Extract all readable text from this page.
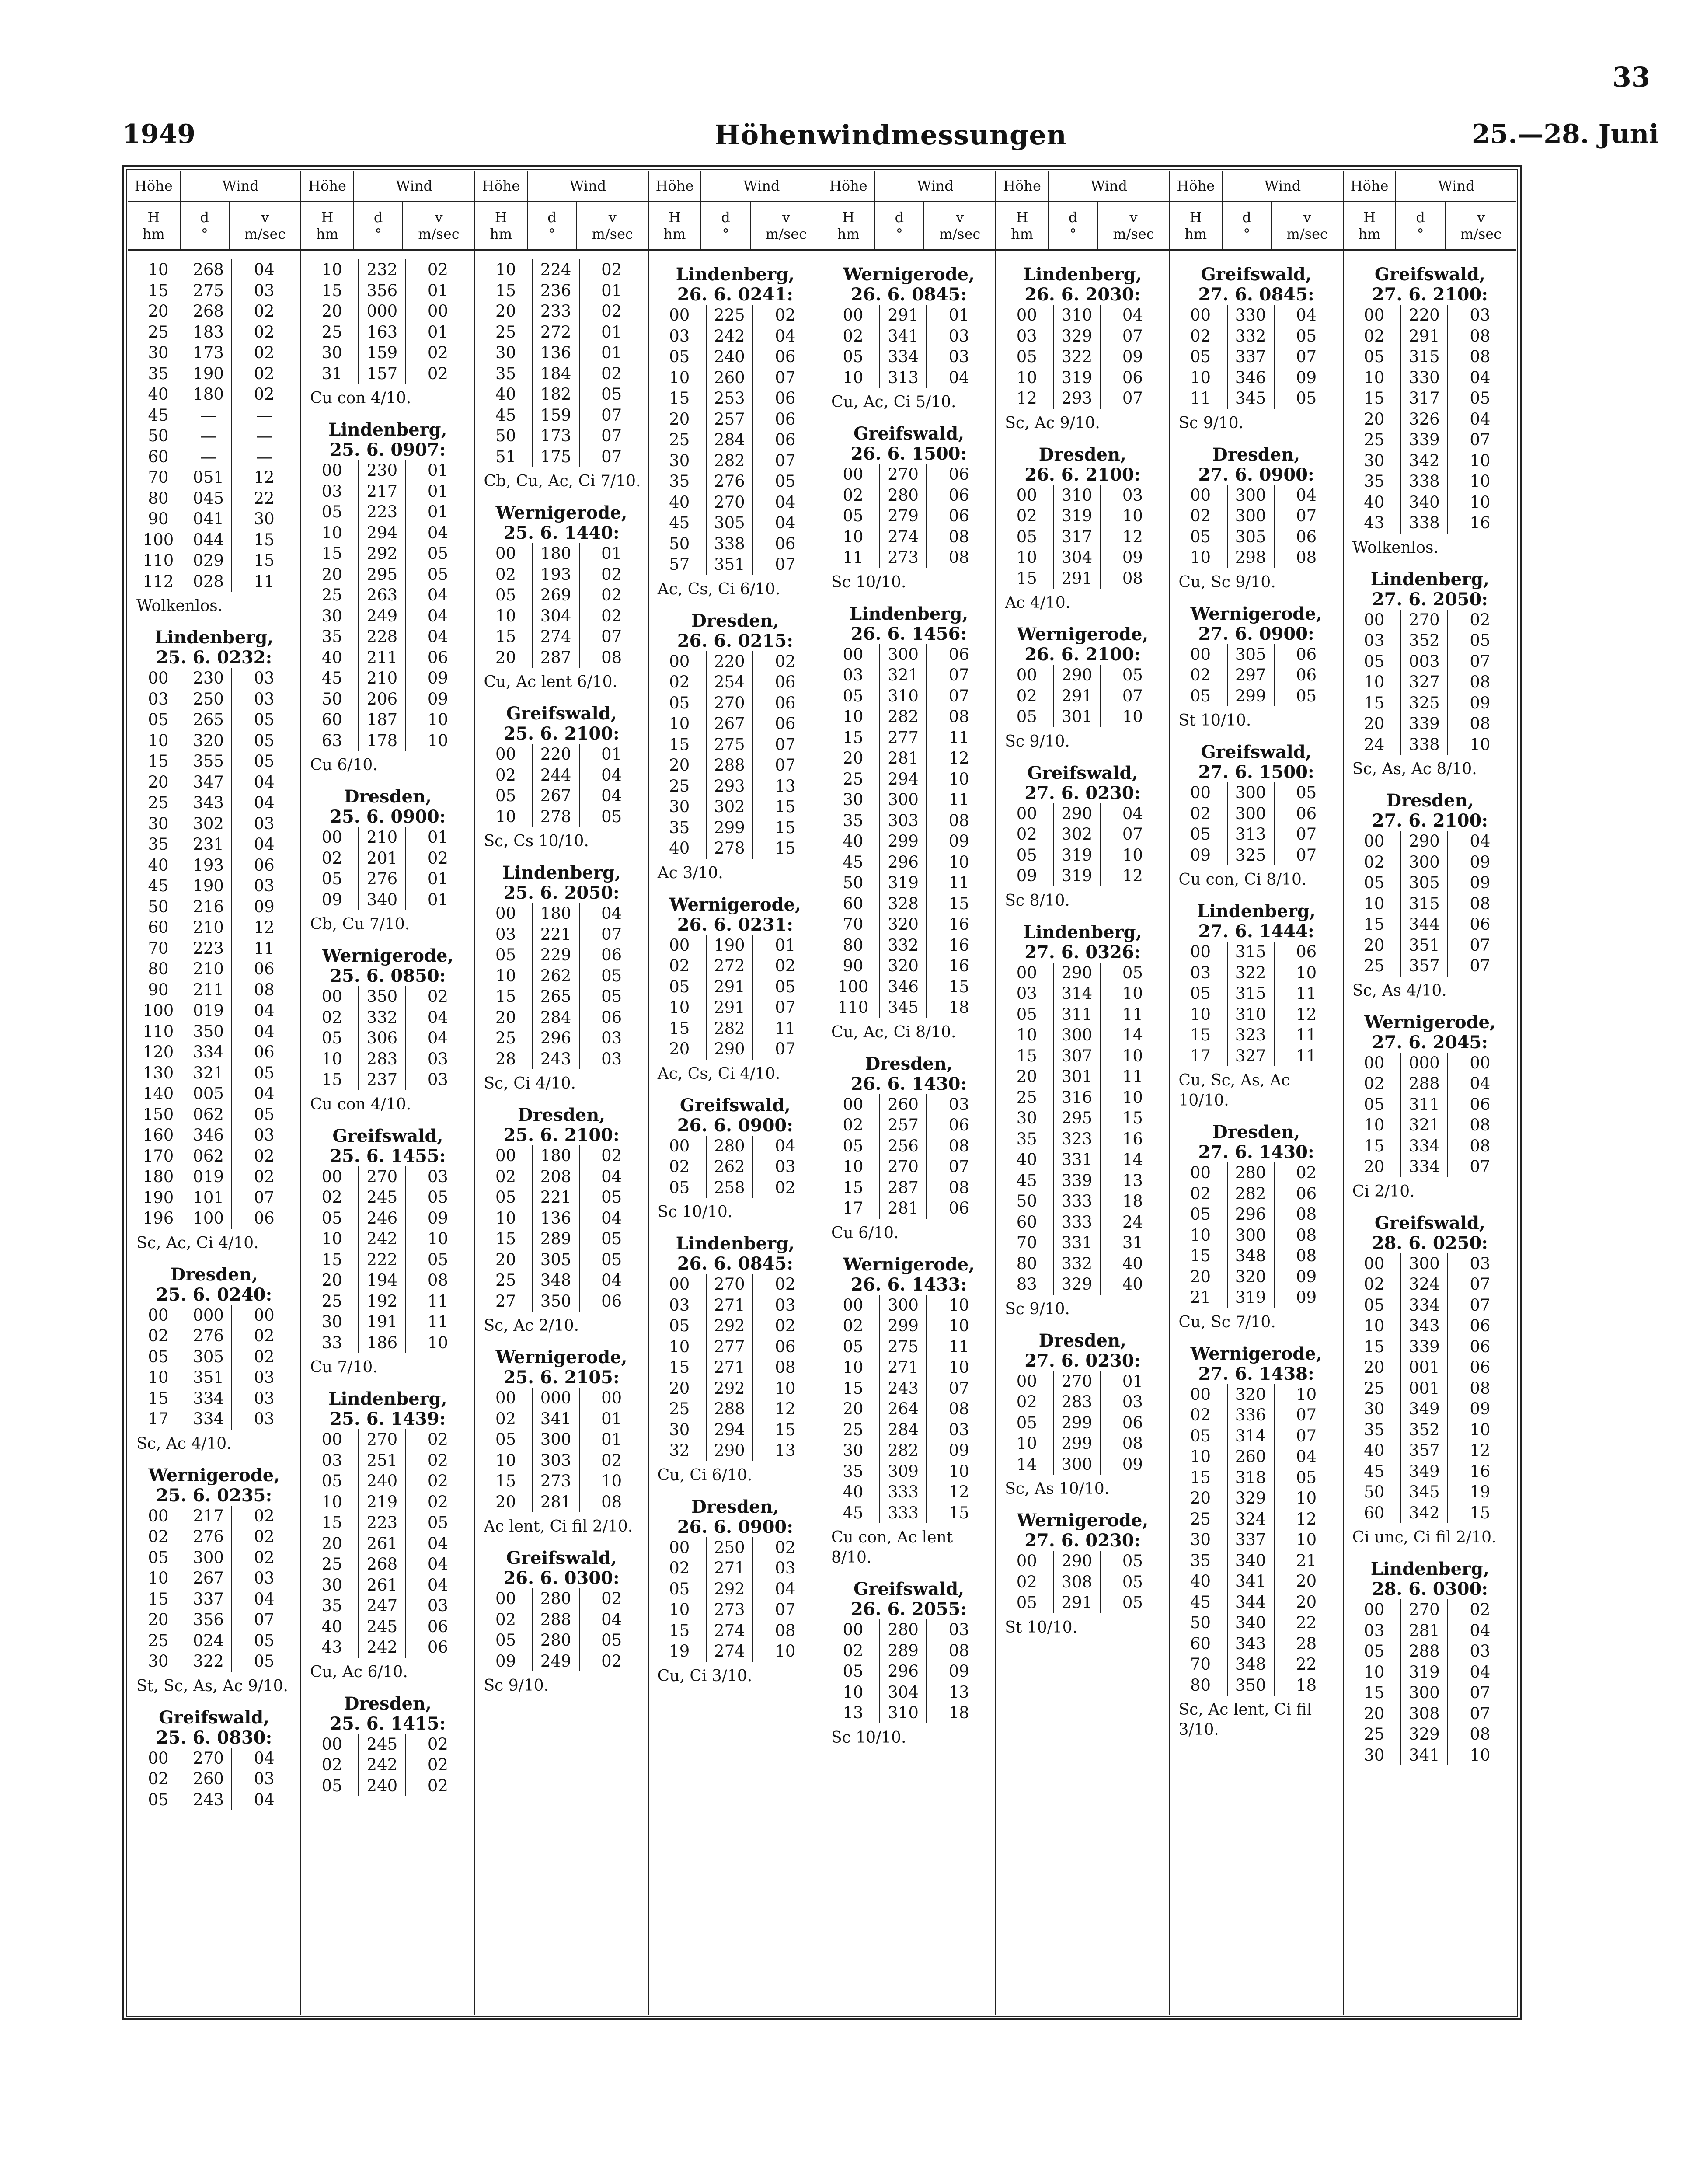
33
1949	Höhenwindmessungen	25.—28. Juni
Höhe	Wind
H
hm
d
°
v
m/sec
10	268	04
15	275	03
20	268	02
25	183	02
30	173	02
35	190	02
40	180	02
45	—	—
50	—	—
60	—	—
70	051	12
80	045	22
90	041	30
100	044	15
110	029	15
112	028	11
Wolkenlos.
Lindenberg,
25. 6. 0232:
00	230	03
03	250	03
05	265	05
10	320	05
15	355	05
20	347	04
25	343	04
30	302	03
35	231	04
40	193	06
45	190	03
50	216	09
60	210	12
70	223	11
80	210	06
90	211	08
100	019	04
110	350	04
120	334	06
130	321	05
140	005	04
150	062	05
160	346	03
170	062	02
180	019	02
190	101	07
196	100	06
Sc, Ac, Ci 4/10.
Dresden,
25. 6. 0240:
00	000	00
02	276	02
05	305	02
10	351	03
15	334	03
17	334	03
Sc, Ac 4/10.
Wernigerode,
25. 6. 0235:
00	217	02
02	276	02
05	300	02
10	267	03
15	337	04
20	356	07
25	024	05
30	322	05
St, Sc, As, Ac 9/10.
Greifswald,
25. 6. 0830:
00	270	04
02	260	03
05	243	04
Höhe	Wind
H
hm
d
°
v
m/sec
10	232	02
15	356	01
20	000	00
25	163	01
30	159	02
31	157	02
Cu con 4/10.
Lindenberg,
25. 6. 0907:
00	230	01
03	217	01
05	223	01
10	294	04
15	292	05
20	295	05
25	263	04
30	249	04
35	228	04
40	211	06
45	210	09
50	206	09
60	187	10
63	178	10
Cu 6/10.
Dresden,
25. 6. 0900:
00	210	01
02	201	02
05	276	01
09	340	01
Cb, Cu 7/10.
Wernigerode,
25. 6. 0850:
00	350	02
02	332	04
05	306	04
10	283	03
15	237	03
Cu con 4/10.
Greifswald,
25. 6. 1455:
00	270	03
02	245	05
05	246	09
10	242	10
15	222	05
20	194	08
25	192	11
30	191	11
33	186	10
Cu 7/10.
Lindenberg,
25. 6. 1439:
00	270	02
03	251	02
05	240	02
10	219	02
15	223	05
20	261	04
25	268	04
30	261	04
35	247	03
40	245	06
43	242	06
Cu, Ac 6/10.
Dresden,
25. 6. 1415:
00	245	02
02	242	02
05	240	02
Höhe	Wind
H
hm
d
°
v
m/sec
10	224	02
15	236	01
20	233	02
25	272	01
30	136	01
35	184	02
40	182	05
45	159	07
50	173	07
51	175	07
Cb, Cu, Ac, Ci 7/10.
Wernigerode,
25. 6. 1440:
00	180	01
02	193	02
05	269	02
10	304	02
15	274	07
20	287	08
Cu, Ac lent 6/10.
Greifswald,
25. 6. 2100:
00	220	01
02	244	04
05	267	04
10	278	05
Sc, Cs 10/10.
Lindenberg,
25. 6. 2050:
00	180	04
03	221	07
05	229	06
10	262	05
15	265	05
20	284	06
25	296	03
28	243	03
Sc, Ci 4/10.
Dresden,
25. 6. 2100:
00	180	02
02	208	04
05	221	05
10	136	04
15	289	05
20	305	05
25	348	04
27	350	06
Sc, Ac 2/10.
Wernigerode,
25. 6. 2105:
00	000	00
02	341	01
05	300	01
10	303	02
15	273	10
20	281	08
Ac lent, Ci fil 2/10.
Greifswald,
26. 6. 0300:
00	280	02
02	288	04
05	280	05
09	249	02
Sc 9/10.
Höhe	Wind
H
hm
d
°
v
m/sec
Lindenberg,
26. 6. 0241:
00	225	02
03	242	04
05	240	06
10	260	07
15	253	06
20	257	06
25	284	06
30	282	07
35	276	05
40	270	04
45	305	04
50	338	06
57	351	07
Ac, Cs, Ci 6/10.
Dresden,
26. 6. 0215:
00	220	02
02	254	06
05	270	06
10	267	06
15	275	07
20	288	07
25	293	13
30	302	15
35	299	15
40	278	15
Ac 3/10.
Wernigerode,
26. 6. 0231:
00	190	01
02	272	02
05	291	05
10	291	07
15	282	11
20	290	07
Ac, Cs, Ci 4/10.
Greifswald,
26. 6. 0900:
00	280	04
02	262	03
05	258	02
Sc 10/10.
Lindenberg,
26. 6. 0845:
00	270	02
03	271	03
05	292	02
10	277	06
15	271	08
20	292	10
25	288	12
30	294	15
32	290	13
Cu, Ci 6/10.
Dresden,
26. 6. 0900:
00	250	02
02	271	03
05	292	04
10	273	07
15	274	08
19	274	10
Cu, Ci 3/10.
Höhe	Wind
H
hm
d
°
v
m/sec
Wernigerode,
26. 6. 0845:
00	291	01
02	341	03
05	334	03
10	313	04
Cu, Ac, Ci 5/10.
Greifswald,
26. 6. 1500:
00	270	06
02	280	06
05	279	06
10	274	08
11	273	08
Sc 10/10.
Lindenberg,
26. 6. 1456:
00	300	06
03	321	07
05	310	07
10	282	08
15	277	11
20	281	12
25	294	10
30	300	11
35	303	08
40	299	09
45	296	10
50	319	11
60	328	15
70	320	16
80	332	16
90	320	16
100	346	15
110	345	18
Cu, Ac, Ci 8/10.
Dresden,
26. 6. 1430:
00	260	03
02	257	06
05	256	08
10	270	07
15	287	08
17	281	06
Cu 6/10.
Wernigerode,
26. 6. 1433:
00	300	10
02	299	10
05	275	11
10	271	10
15	243	07
20	264	08
25	284	03
30	282	09
35	309	10
40	333	12
45	333	15
Cu con, Ac lent 8/10.
Greifswald,
26. 6. 2055:
00	280	03
02	289	08
05	296	09
10	304	13
13	310	18
Sc 10/10.
Höhe	Wind
H
hm
d
°
v
m/sec
Lindenberg,
26. 6. 2030:
00	310	04
03	329	07
05	322	09
10	319	06
12	293	07
Sc, Ac 9/10.
Dresden,
26. 6. 2100:
00	310	03
02	319	10
05	317	12
10	304	09
15	291	08
Ac 4/10.
Wernigerode,
26. 6. 2100:
00	290	05
02	291	07
05	301	10
Sc 9/10.
Greifswald,
27. 6. 0230:
00	290	04
02	302	07
05	319	10
09	319	12
Sc 8/10.
Lindenberg,
27. 6. 0326:
00	290	05
03	314	10
05	311	11
10	300	14
15	307	10
20	301	11
25	316	10
30	295	15
35	323	16
40	331	14
45	339	13
50	333	18
60	333	24
70	331	31
80	332	40
83	329	40
Sc 9/10.
Dresden,
27. 6. 0230:
00	270	01
02	283	03
05	299	06
10	299	08
14	300	09
Sc, As 10/10.
Wernigerode,
27. 6. 0230:
00	290	05
02	308	05
05	291	05
St 10/10.
Höhe	Wind
H
hm
d
°
v
m/sec
Greifswald,
27. 6. 0845:
00	330	04
02	332	05
05	337	07
10	346	09
11	345	05
Sc 9/10.
Dresden,
27. 6. 0900:
00	300	04
02	300	07
05	305	06
10	298	08
Cu, Sc 9/10.
Wernigerode,
27. 6. 0900:
00	305	06
02	297	06
05	299	05
St 10/10.
Greifswald,
27. 6. 1500:
00	300	05
02	300	06
05	313	07
09	325	07
Cu con, Ci 8/10.
Lindenberg,
27. 6. 1444:
00	315	06
03	322	10
05	315	11
10	310	12
15	323	11
17	327	11
Cu, Sc, As, Ac 10/10.
Dresden,
27. 6. 1430:
00	280	02
02	282	06
05	296	08
10	300	08
15	348	08
20	320	09
21	319	09
Cu, Sc 7/10.
Wernigerode,
27. 6. 1438:
00	320	10
02	336	07
05	314	07
10	260	04
15	318	05
20	329	10
25	324	12
30	337	10
35	340	21
40	341	20
45	344	20
50	340	22
60	343	28
70	348	22
80	350	18
Sc, Ac lent, Ci fil 3/10.
Höhe	Wind
H
hm
d
°
v
m/sec
Greifswald,
27. 6. 2100:
00	220	03
02	291	08
05	315	08
10	330	04
15	317	05
20	326	04
25	339	07
30	342	10
35	338	10
40	340	10
43	338	16
Wolkenlos.
Lindenberg,
27. 6. 2050:
00	270	02
03	352	05
05	003	07
10	327	08
15	325	09
20	339	08
24	338	10
Sc, As, Ac 8/10.
Dresden,
27. 6. 2100:
00	290	04
02	300	09
05	305	09
10	315	08
15	344	06
20	351	07
25	357	07
Sc, As 4/10.
Wernigerode,
27. 6. 2045:
00	000	00
02	288	04
05	311	06
10	321	08
15	334	08
20	334	07
Ci 2/10.
Greifswald,
28. 6. 0250:
00	300	03
02	324	07
05	334	07
10	343	06
15	339	06
20	001	06
25	001	08
30	349	09
35	352	10
40	357	12
45	349	16
50	345	19
60	342	15
Ci unc, Ci fil 2/10.
Lindenberg,
28. 6. 0300:
00	270	02
03	281	04
05	288	03
10	319	04
15	300	07
20	308	07
25	329	08
30	341	10
